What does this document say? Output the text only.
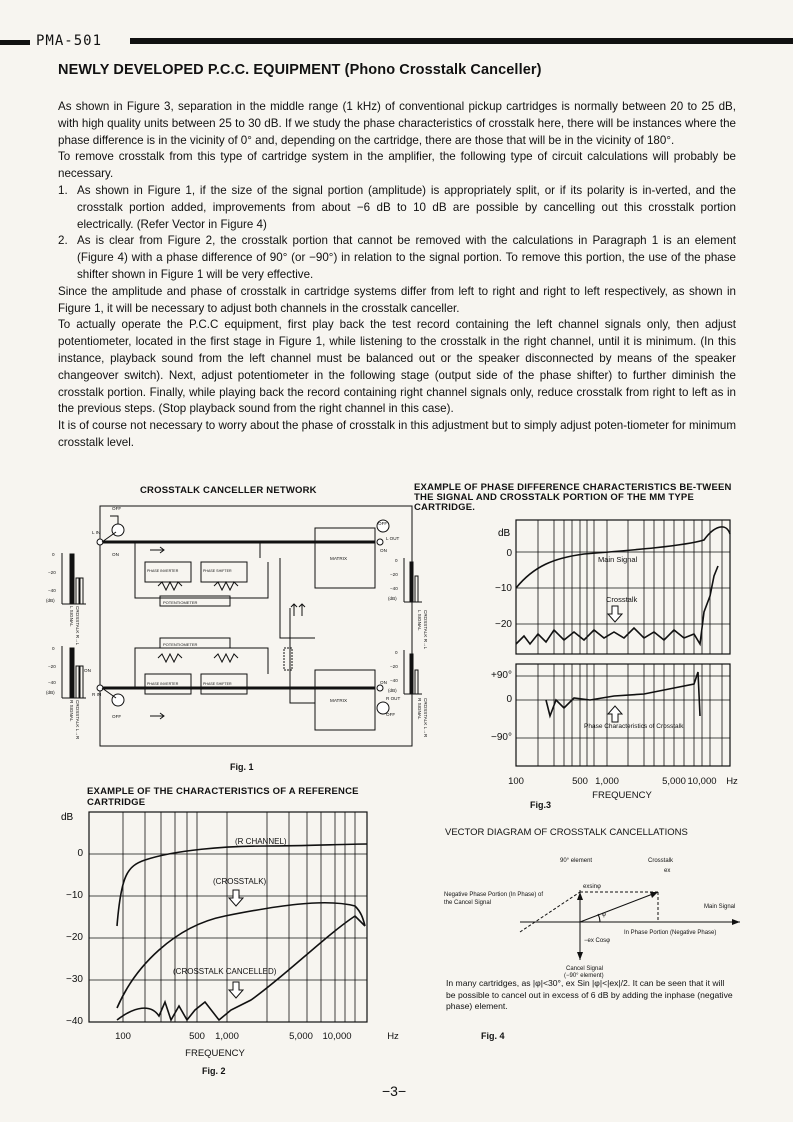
PMA-501
NEWLY DEVELOPED P.C.C. EQUIPMENT (Phono Crosstalk Canceller)

As shown in Figure 3, separation in the middle range (1 kHz) of conventional pickup cartridges is normally between 20 to 25 dB, with high quality units between 25 to 30 dB. If we study the phase characteristics of crosstalk here, there will be instances where the phase difference is in the vicinity of 0° and, depending on the cartridge, there are those that will be in the vicinity of 180°.

To remove crosstalk from this type of cartridge system in the amplifier, the following type of circuit calculations will probably be necessary.

1. As shown in Figure 1, if the size of the signal portion (amplitude) is appropriately split, or if its polarity is in-verted, and the crosstalk portion added, improvements from about −6 dB to 10 dB are possible by cancelling out this crosstalk portion electrically. (Refer Vector in Figure 4)
2. As is clear from Figure 2, the crosstalk portion that cannot be removed with the calculations in Paragraph 1 is an element (Figure 4) with a phase difference of 90° (or −90°) in relation to the signal portion. To remove this portion, the use of the phase shifter shown in Figure 1 will be very effective.

Since the amplitude and phase of crosstalk in cartridge systems differ from left to right and right to left respectively, as shown in Figure 1, it will be necessary to adjust both channels in the crosstalk canceller.

To actually operate the P.C.C equipment, first play back the test record containing the left channel signals only, then adjust potentiometer, located in the first stage in Figure 1, while listening to the crosstalk in the right channel, until it is minimum. (In this instance, playback sound from the left channel must be balanced out or the speaker disconnected by means of the speaker changeover switch). Next, adjust potentiometer in the following stage (output side of the phase shifter) to further diminish the crosstalk portion. Finally, while playing back the record containing right channel signals only, reduce crosstalk from right to left as in the previous steps. (Stop playback sound from the right channel in this case).

It is of course not necessary to worry about the phase of crosstalk in this adjustment but to simply adjust poten-tiometer for minimum crosstalk level.

CROSSTALK CANCELLER NETWORK
L IN
ON
OFF
R IN
ON
OFF
L OUT
OFF
ON
R OUT
ON
OFF
MATRIX
MATRIX
PHASE INVERTER	PHASE SHIFTER
PHASE INVERTER	PHASE SHIFTER
POTENTIOMETER
POTENTIOMETER
0
−20
−40
(dB)
0
−20
−40
(dB)
0
−20
−40
(dB)
0
−20
−40
(dB)
L SIGNAL CROSSTALK R→L
R SIGNAL CROSSTALK L→R
L SIGNAL CROSSTALK R→L
R SIGNAL CROSSTALK L→R
Fig. 1
EXAMPLE OF THE CHARACTERISTICS OF A REFERENCE CARTRIDGE
dB
0
−10
−20
−30
−40
100	500 1,000	5,000 10,000	Hz
FREQUENCY
(R CHANNEL)
(CROSSTALK)
(CROSSTALK CANCELLED)
Fig. 2
EXAMPLE OF PHASE DIFFERENCE CHARACTERISTICS BE-TWEEN THE SIGNAL AND CROSSTALK PORTION OF THE MM TYPE CARTRIDGE.
dB
0
−10
−20
+90°
0
−90°
100	500 1,000	5,000 10,000 Hz
FREQUENCY
Main Signal
Crosstalk
Phase Characteristics of Crosstalk
Fig.3
VECTOR DIAGRAM OF CROSSTALK CANCELLATIONS
90° element	Crosstalk
ex
Negative Phase Portion (In Phase) of
the Cancel Signal
exsinφ
φ
Main Signal
In Phase Portion (Negative Phase)
−ex Cosφ
Cancel Signal
(−90° element)
In many cartridges, as |φ|<30°, ex Sin |φ|<|ex|/2. It can be seen that it will be possible to cancel out in excess of 6 dB by adding the inphase (negative phase) element.
Fig. 4
−3−
